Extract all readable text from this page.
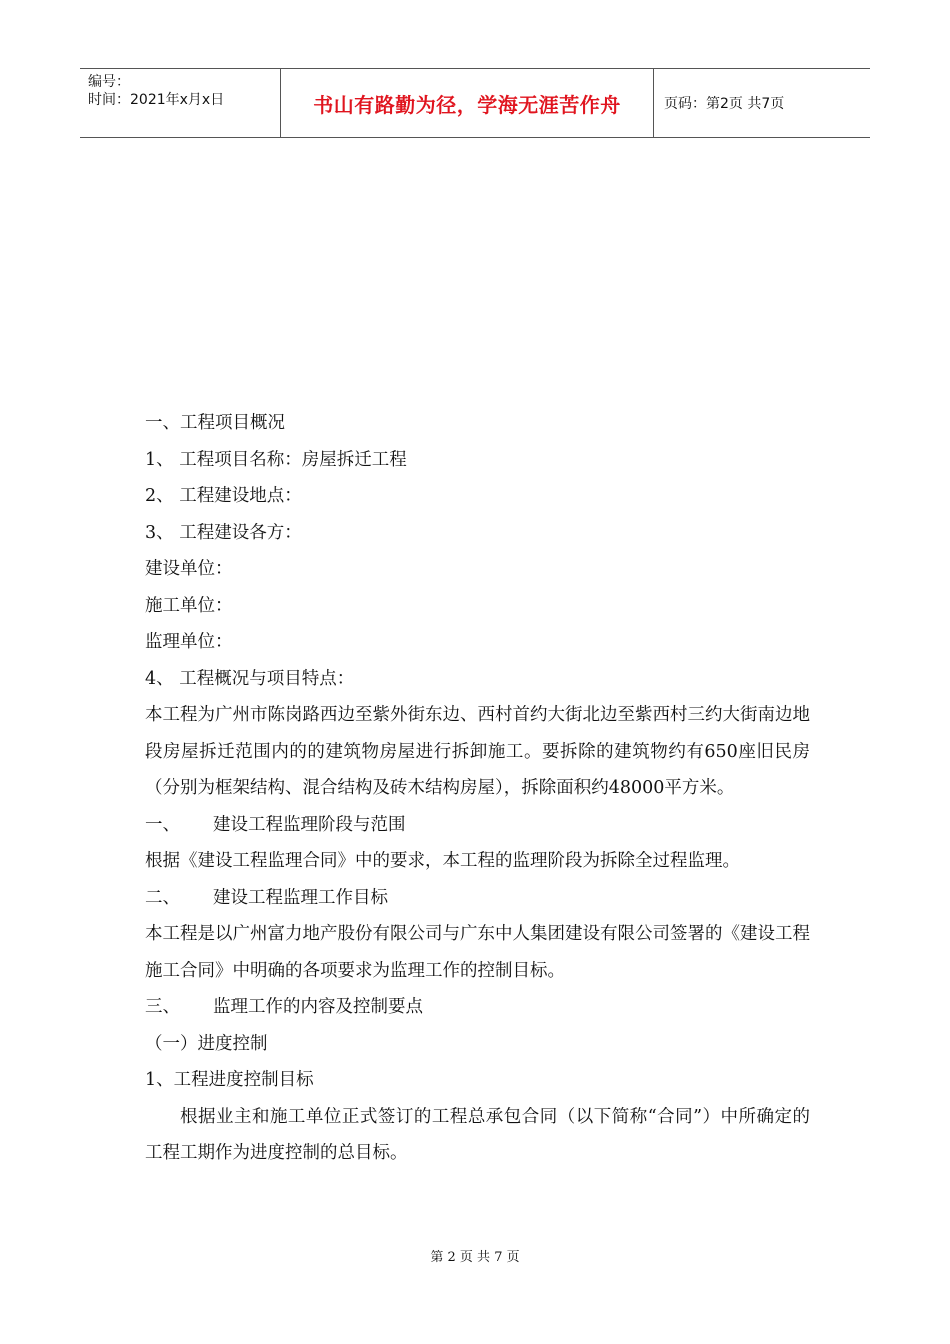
编号：
时间：2021年x月x日	书山有路勤为径，学海无涯苦作舟	页码：第2页 共7页

一、工程项目概况

1、 工程项目名称：房屋拆迁工程

2、 工程建设地点：

3、 工程建设各方：

建设单位：

施工单位：

监理单位：

4、 工程概况与项目特点：

本工程为广州市陈岗路西边至紫外街东边、西村首约大街北边至紫西村三约大街南边地段房屋拆迁范围内的的建筑物房屋进行拆卸施工。要拆除的建筑物约有650座旧民房（分别为框架结构、混合结构及砖木结构房屋），拆除面积约48000平方米。

一、	建设工程监理阶段与范围

根据《建设工程监理合同》中的要求，本工程的监理阶段为拆除全过程监理。

二、	建设工程监理工作目标

本工程是以广州富力地产股份有限公司与广东中人集团建设有限公司签署的《建设工程施工合同》中明确的各项要求为监理工作的控制目标。

三、	监理工作的内容及控制要点

（一）进度控制

1、工程进度控制目标

根据业主和施工单位正式签订的工程总承包合同（以下简称“合同”）中所确定的工程工期作为进度控制的总目标。

第 2 页 共 7 页
